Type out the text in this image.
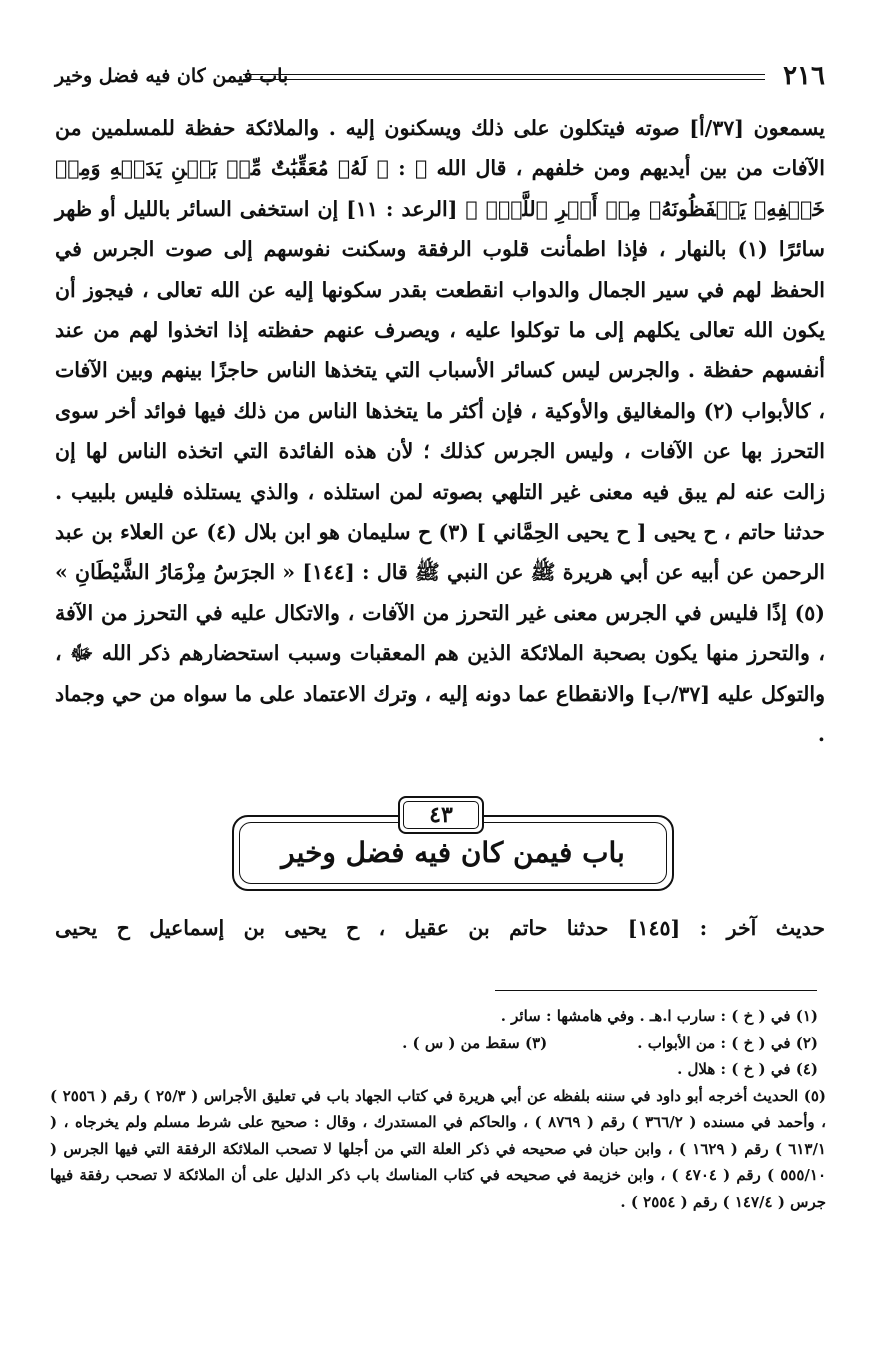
٢١٦
باب فيمن كان فيه فضل وخير

يسمعون [٣٧/أ] صوته فيتكلون على ذلك ويسكنون إليه . والملائكة حفظة للمسلمين من الآفات من بين أيديهم ومن خلفهم ، قال الله ﷻ : ﴿ لَهُۥ مُعَقِّبَٰتٌ مِّنۢ بَيۡنِ يَدَيۡهِ وَمِنۡ خَلۡفِهِۦ يَحۡفَظُونَهُۥ مِنۡ أَمۡرِ ٱللَّهِۗ ﴾ [الرعد : ١١] إن استخفى السائر بالليل أو ظهر سائرًا (١) بالنهار ، فإذا اطمأنت قلوب الرفقة وسكنت نفوسهم إلى صوت الجرس في الحفظ لهم في سير الجمال والدواب انقطعت بقدر سكونها إليه عن الله تعالى ، فيجوز أن يكون الله تعالى يكلهم إلى ما توكلوا عليه ، ويصرف عنهم حفظته إذا اتخذوا لهم من عند أنفسهم حفظة . والجرس ليس كسائر الأسباب التي يتخذها الناس حاجزًا بينهم وبين الآفات ، كالأبواب (٢) والمغاليق والأوكية ، فإن أكثر ما يتخذها الناس من ذلك فيها فوائد أخر سوى التحرز بها عن الآفات ، وليس الجرس كذلك ؛ لأن هذه الفائدة التي اتخذه الناس لها إن زالت عنه لم يبق فيه معنى غير التلهي بصوته لمن استلذه ، والذي يستلذه فليس بلبيب . حدثنا حاتم ، ح يحيى [ ح يحيى الحِمَّاني ] (٣) ح سليمان هو ابن بلال (٤) عن العلاء بن عبد الرحمن عن أبيه عن أبي هريرة ﷺ عن النبي ﷺ قال : [١٤٤] « الجرَسُ مِزْمَارُ الشَّيْطَانِ » (٥) إذًا فليس في الجرس معنى غير التحرز من الآفات ، والاتكال عليه في التحرز من الآفة ، والتحرز منها يكون بصحبة الملائكة الذين هم المعقبات وسبب استحضارهم ذكر الله ﷻ ، والتوكل عليه [٣٧/ب] والانقطاع عما دونه إليه ، وترك الاعتماد على ما سواه من حي وجماد .

باب فيمن كان فيه فضل وخير
٤٣

حديث آخر : [١٤٥] حدثنا حاتم بن عقيل ، ح يحيى بن إسماعيل ح يحيى

(١) في ( خ ) : سارب ا.هـ . وفي هامشها : سائر .

(٢) في ( خ ) : من الأبواب .
(٣) سقط من ( س ) .

(٤) في ( خ ) : هلال .

(٥) الحديث أخرجه أبو داود في سننه بلفظه عن أبي هريرة في كتاب الجهاد باب في تعليق الأجراس ( ٢٥/٣ ) رقم ( ٢٥٥٦ ) ، وأحمد في مسنده ( ٣٦٦/٢ ) رقم ( ٨٧٦٩ ) ، والحاكم في المستدرك ، وقال : صحيح على شرط مسلم ولم يخرجاه ، ( ٦١٣/١ ) رقم ( ١٦٢٩ ) ، وابن حبان في صحيحه في ذكر العلة التي من أجلها لا تصحب الملائكة الرفقة التي فيها الجرس ( ٥٥٥/١٠ ) رقم ( ٤٧٠٤ ) ، وابن خزيمة في صحيحه في كتاب المناسك باب ذكر الدليل على أن الملائكة لا تصحب رفقة فيها جرس ( ١٤٧/٤ ) رقم ( ٢٥٥٤ ) .
